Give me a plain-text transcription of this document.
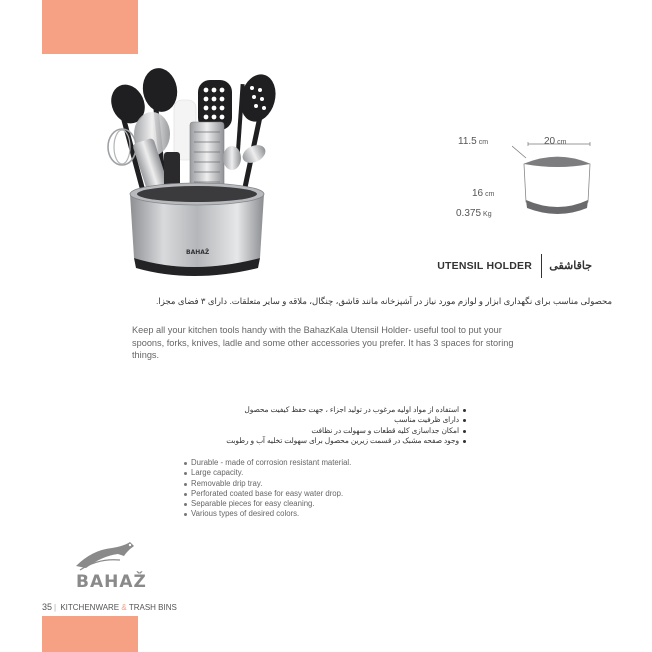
BAHAŽ
20 cm
11.5 cm
16 cm
0.375 Kg
UTENSIL HOLDER جاقاشقی

محصولی مناسب برای نگهداری ابزار و لوازم مورد نیاز در آشپزخانه مانند قاشق، چنگال، ملاقه و سایر متعلقات. دارای ۳ فضای مجزا.

Keep all your kitchen tools handy with the BahazKala Utensil Holder- useful tool to put your spoons, forks, knives, ladle and some other accessories you prefer. It has 3 spaces for storing things.

استفاده از مواد اولیه مرغوب در تولید اجزاء ، جهت حفظ کیفیت محصول
دارای ظرفیت مناسب
امکان جداسازی کلیه قطعات و سهولت در نظافت
وجود صفحه مشبک در قسمت زیرین محصول برای سهولت تخلیه آب و رطوبت
Durable - made of corrosion resistant material.
Large capacity.
Removable drip tray.
Perforated coated base for easy water drop.
Separable pieces for easy cleaning.
Various types of desired colors.
BAHAŽ
35 | KITCHENWARE & TRASH BINS
